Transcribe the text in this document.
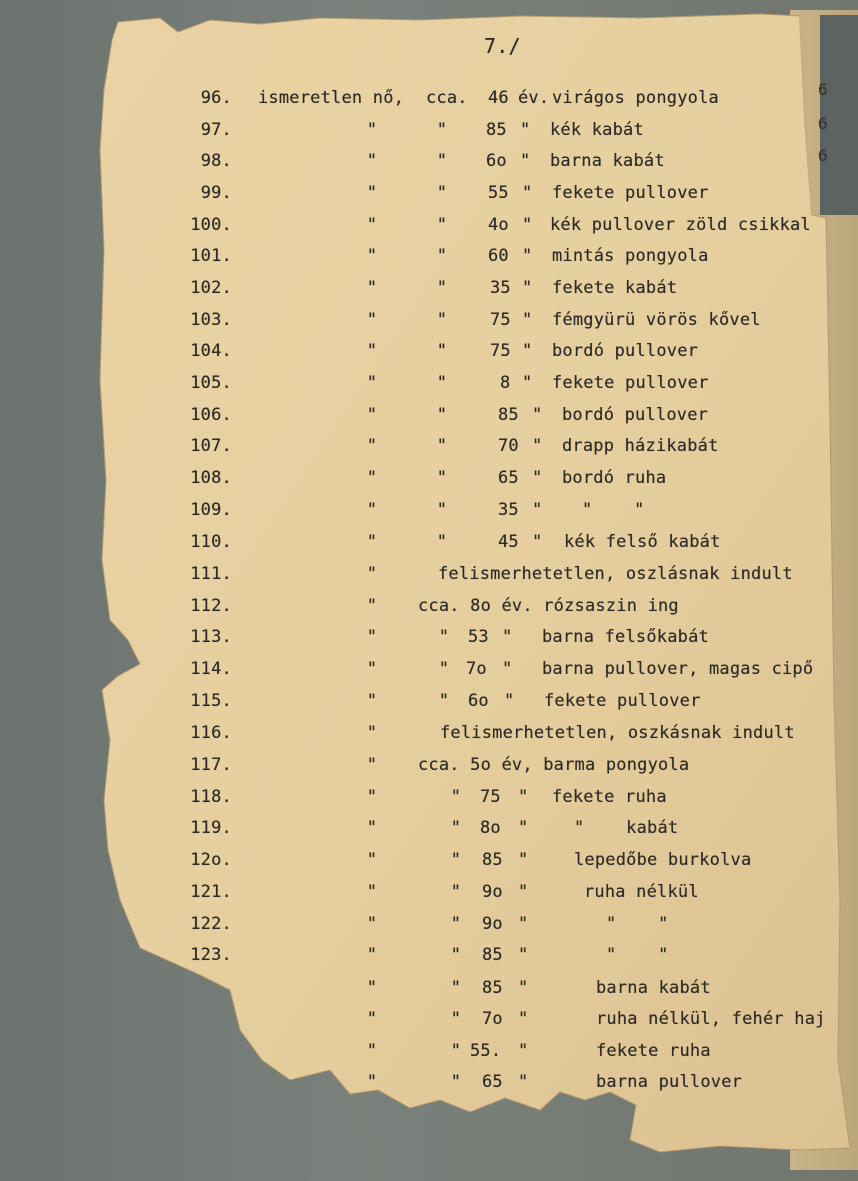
7./
6
6
6
96. ismeretlen nő, cca. 46 év. virágos pongyola
97.	"	" 85 " kék kabát
98.	"	" 6o " barna kabát
99.	"	" 55 " fekete pullover
100.	"	" 4o " kék pullover zöld csikkal
101.	"	" 60 " mintás pongyola
102.	"	"	35 " fekete kabát
103.	"	"	75 " fémgyürü vörös kővel
104.	"	"	75 " bordó pullover
105.	"	"	8 " fekete pullover
106.	"	"	85 " bordó pullover
107.	"	"	70 " drapp házikabát
108.	"	"	65 " bordó ruha
109.	"	"	35 " "    "
110.	"	"	45 " kék felső kabát
111.	"	felismerhetetlen, oszlásnak indult
112.	" cca. 8o év. rózsaszin ing
113.	"	" 53 " barna felsőkabát
114.	"	" 7o " barna pullover, magas cipő
115.	"	" 6o " fekete pullover
116.	"	felismerhetetlen, oszkásnak indult
117.	" cca. 5o év, barma pongyola
118.	"	" 75 " fekete ruha
119.	"	" 8o "	"    kabát
12o.	"	" 85 "	lepedőbe burkolva
121.	"	" 9o "	ruha nélkül
122.	"	" 9o "	"    "
123.	"	" 85 "	"    "
"	" 85 "	barna kabát
"	" 7o "	ruha nélkül, fehér haj
"	" 55. "	fekete ruha
"	" 65 "	barna pullover
